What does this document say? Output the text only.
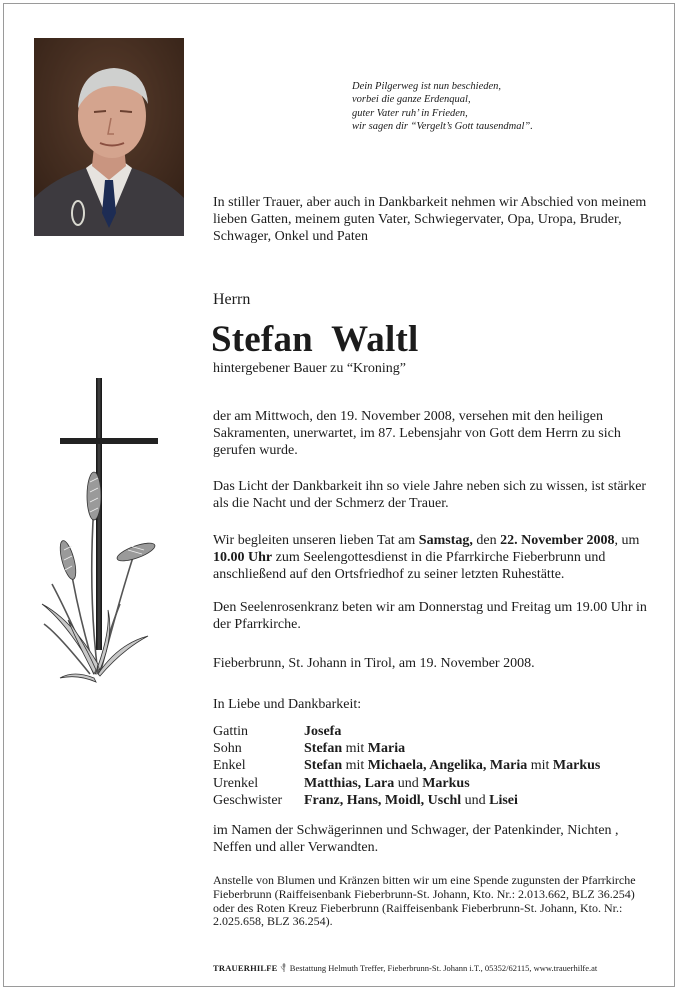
Dein Pilgerweg ist nun beschieden,
vorbei die ganze Erdenqual,
guter Vater ruh’ in Frieden,
wir sagen dir “Vergelt’s Gott tausendmal”.
In stiller Trauer, aber auch in Dankbarkeit nehmen wir Abschied von meinem lieben Gatten, meinem guten Vater, Schwiegervater, Opa, Uropa, Bruder, Schwager, Onkel und Paten
Herrn
Stefan  Waltl
hintergebener Bauer zu “Kroning”
der am Mittwoch, den 19. November 2008, versehen mit den heiligen Sakramenten, unerwartet, im 87. Lebensjahr von Gott dem Herrn zu sich gerufen wurde.
Das Licht der Dankbarkeit ihn so viele Jahre neben sich zu wissen, ist stärker als die Nacht und der Schmerz der Trauer.
Wir begleiten unseren lieben Tat am Samstag, den 22. November 2008, um 10.00 Uhr zum Seelengottesdienst in die Pfarrkirche Fieberbrunn und anschließend auf den Ortsfriedhof zu seiner letzten Ruhestätte.
Den Seelenrosenkranz beten wir am Donnerstag und Freitag um 19.00 Uhr in der Pfarrkirche.
Fieberbrunn, St. Johann in Tirol, am 19. November 2008.
In Liebe und Dankbarkeit:
Gattin	Josefa
Sohn	Stefan mit Maria
Enkel	Stefan mit Michaela, Angelika, Maria mit Markus
Urenkel	Matthias, Lara und Markus
Geschwister	Franz, Hans, Moidl, Uschl und Lisei
im Namen der Schwägerinnen und Schwager, der Patenkinder, Nichten , Neffen und aller Verwandten.
Anstelle von Blumen und Kränzen bitten wir um eine Spende zugunsten der Pfarrkirche Fieberbrunn (Raiffeisenbank Fieberbrunn-St. Johann, Kto. Nr.: 2.013.662, BLZ 36.254) oder des Roten Kreuz Fieberbrunn (Raiffeisenbank Fieberbrunn-St. Johann, Kto. Nr.: 2.025.658, BLZ 36.254).
TRAUERHILFE  Bestattung Helmuth Treffer, Fieberbrunn-St. Johann i.T., 05352/62115, www.trauerhilfe.at
